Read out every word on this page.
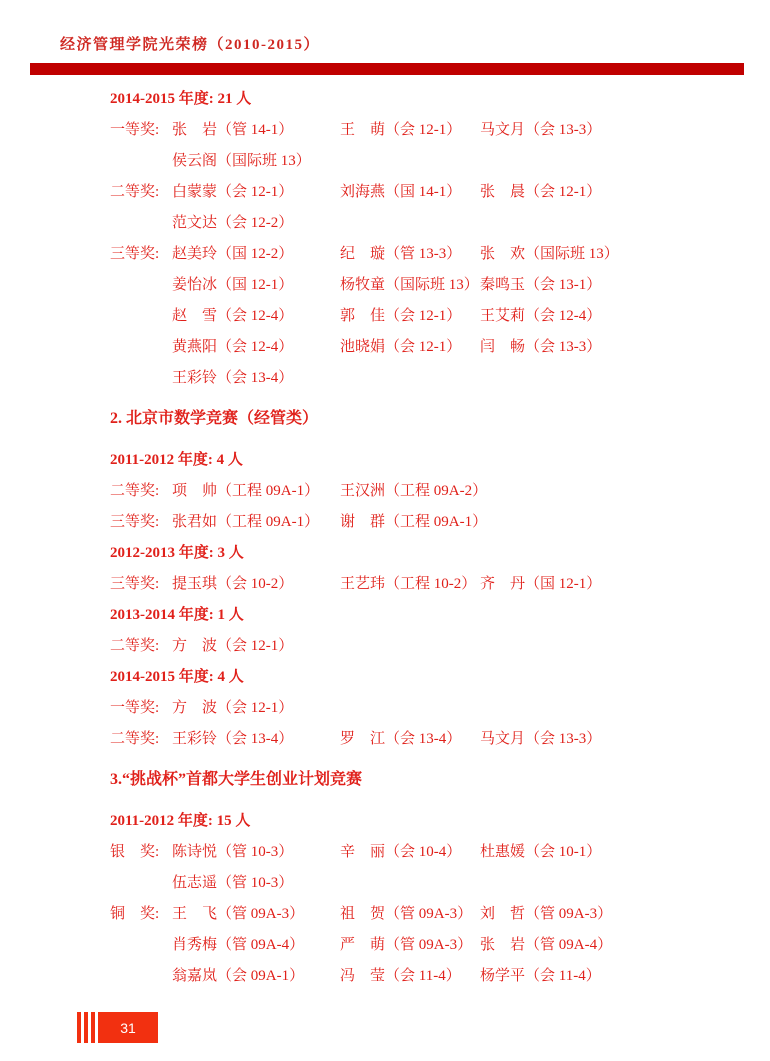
经济管理学院光荣榜（2010-2015）
2014-2015 年度: 21 人
一等奖: 张　岩（管 14-1）	王　萌（会 12-1）	马文月（会 13-3）
侯云阁（国际班 13）
二等奖: 白蒙蒙（会 12-1）	刘海燕（国 14-1）	张　晨（会 12-1）
范文达（会 12-2）
三等奖: 赵美玲（国 12-2）	纪　璇（管 13-3）	张　欢（国际班 13）
姜怡冰（国 12-1）	杨牧童（国际班 13） 秦鸣玉（会 13-1）
赵　雪（会 12-4）	郭　佳（会 12-1）	王艾莉（会 12-4）
黄燕阳（会 12-4）	池晓娟（会 12-1）	闫　畅（会 13-3）
王彩铃（会 13-4）
2. 北京市数学竞赛（经管类）
2011-2012 年度: 4 人
二等奖: 项　帅（工程 09A-1）	王汉洲（工程 09A-2）
三等奖: 张君如（工程 09A-1）	谢　群（工程 09A-1）
2012-2013 年度: 3 人
三等奖: 提玉琪（会 10-2）	王艺玮（工程 10-2） 齐　丹（国 12-1）
2013-2014 年度: 1 人
二等奖: 方　波（会 12-1）
2014-2015 年度: 4 人
一等奖: 方　波（会 12-1）
二等奖: 王彩铃（会 13-4）	罗　江（会 13-4）	马文月（会 13-3）
3.“挑战杯”首都大学生创业计划竞赛
2011-2012 年度: 15 人
银　奖: 陈诗悦（管 10-3）	辛　丽（会 10-4）	杜惠媛（会 10-1）
伍志遥（管 10-3）
铜　奖: 王　飞（管 09A-3）	祖　贺（管 09A-3） 刘　哲（管 09A-3）
肖秀梅（管 09A-4）	严　萌（管 09A-3） 张　岩（管 09A-4）
翁嘉岚（会 09A-1）	冯　莹（会 11-4）	杨学平（会 11-4）
31
